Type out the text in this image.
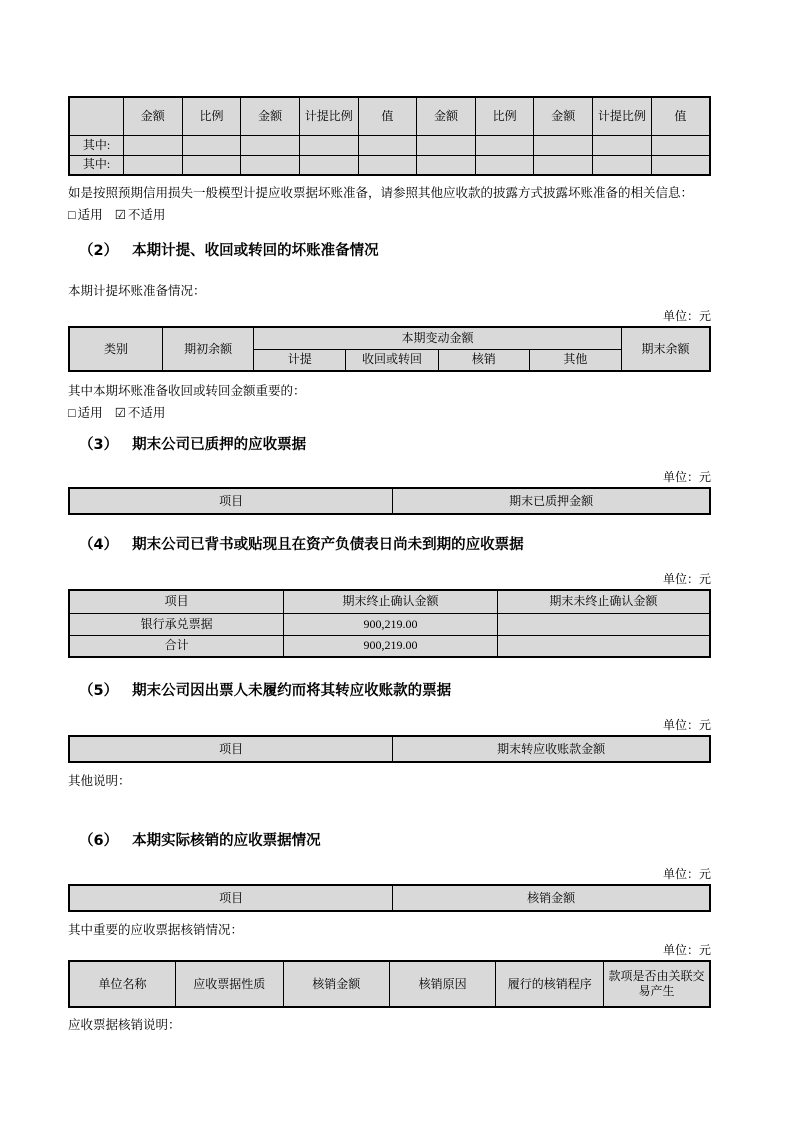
	金额	比例	金额	计提比例	值	金额	比例	金额	计提比例	值
其中:										
其中:										
如是按照预期信用损失一般模型计提应收票据坏账准备，请参照其他应收款的披露方式披露坏账准备的相关信息：
□ 适用 ☑ 不适用
（2） 本期计提、收回或转回的坏账准备情况
本期计提坏账准备情况：
单位：元
类别	期初余额	本期变动金额				期末余额
		计提	收回或转回	核销	其他	
其中本期坏账准备收回或转回金额重要的：
□ 适用 ☑ 不适用
（3） 期末公司已质押的应收票据
单位：元
项目	期末已质押金额
（4） 期末公司已背书或贴现且在资产负债表日尚未到期的应收票据
单位：元
项目	期末终止确认金额	期末未终止确认金额
银行承兑票据	900,219.00	
合计	900,219.00	
（5） 期末公司因出票人未履约而将其转应收账款的票据
单位：元
项目	期末转应收账款金额
其他说明：
（6） 本期实际核销的应收票据情况
单位：元
项目	核销金额
其中重要的应收票据核销情况：
单位：元
单位名称	应收票据性质	核销金额	核销原因	履行的核销程序	款项是否由关联交易产生
应收票据核销说明：
